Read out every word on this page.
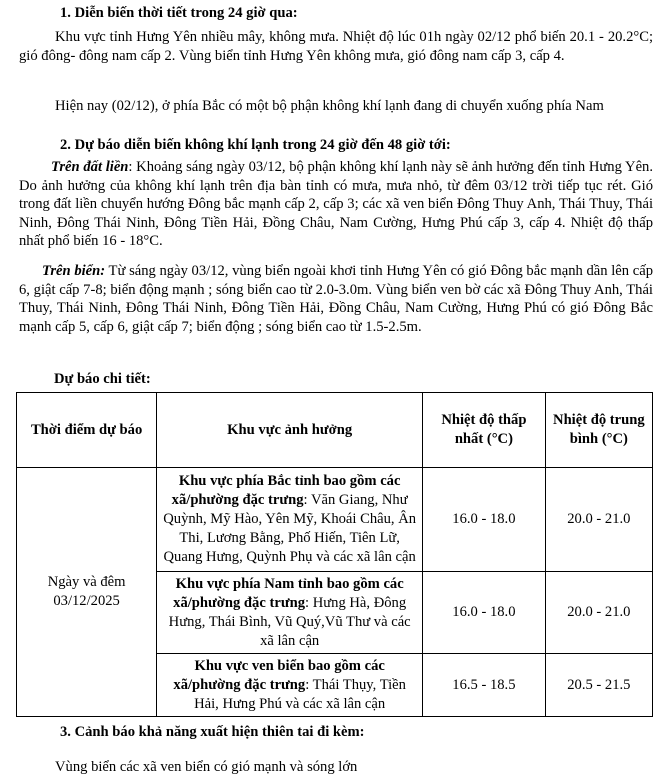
1. Diễn biến thời tiết trong 24 giờ qua:
Khu vực tỉnh Hưng Yên nhiều mây, không mưa. Nhiệt độ lúc 01h ngày 02/12 phổ biến 20.1 - 20.2°C; gió đông- đông nam cấp 2. Vùng biển tỉnh Hưng Yên không mưa, gió đông nam cấp 3, cấp 4.
Hiện nay (02/12), ở phía Bắc có một bộ phận không khí lạnh đang di chuyển xuống phía Nam
2. Dự báo diễn biến không khí lạnh trong 24 giờ đến 48 giờ tới:
Trên đất liền: Khoảng sáng ngày 03/12, bộ phận không khí lạnh này sẽ ảnh hưởng đến tỉnh Hưng Yên. Do ảnh hưởng của không khí lạnh trên địa bàn tỉnh có mưa, mưa nhỏ, từ đêm 03/12 trời tiếp tục rét. Gió trong đất liền chuyển hướng Đông bắc mạnh cấp 2, cấp 3; các xã ven biển Đông Thuy Anh, Thái Thuy, Thái Ninh, Đông Thái Ninh, Đông Tiền Hải, Đồng Châu, Nam Cường, Hưng Phú cấp 3, cấp 4. Nhiệt độ thấp nhất phổ biến 16 - 18°C.
Trên biển: Từ sáng ngày 03/12, vùng biển ngoài khơi tỉnh Hưng Yên có gió Đông bắc mạnh dần lên cấp 6, giật cấp 7-8; biển động mạnh ; sóng biển cao từ 2.0-3.0m. Vùng biển ven bờ các xã Đông Thuy Anh, Thái Thuy, Thái Ninh, Đông Thái Ninh, Đông Tiền Hải, Đồng Châu, Nam Cường, Hưng Phú có gió Đông Bắc mạnh cấp 5, cấp 6, giật cấp 7; biển động ; sóng biển cao từ 1.5-2.5m.
Dự báo chi tiết:
Thời điểm dự báo	Khu vực ảnh hưởng	Nhiệt độ thấp nhất (°C)	Nhiệt độ trung bình (°C)
Ngày và đêm 03/12/2025	Khu vực phía Bắc tỉnh bao gồm các xã/phường đặc trưng: Văn Giang, Như Quỳnh, Mỹ Hào, Yên Mỹ, Khoái Châu, Ân Thi, Lương Bằng, Phố Hiến, Tiên Lữ, Quang Hưng, Quỳnh Phụ và các xã lân cận	16.0 - 18.0	20.0 - 21.0
	Khu vực phía Nam tỉnh bao gồm các xã/phường đặc trưng: Hưng Hà, Đông Hưng, Thái Bình, Vũ Quý,Vũ Thư và các xã lân cận	16.0 - 18.0	20.0 - 21.0
	Khu vực ven biển bao gồm các xã/phường đặc trưng: Thái Thụy, Tiền Hải, Hưng Phú và các xã lân cận	16.5 - 18.5	20.5 - 21.5
3. Cảnh báo khả năng xuất hiện thiên tai đi kèm:
Vùng biển các xã ven biển có gió mạnh và sóng lớn
